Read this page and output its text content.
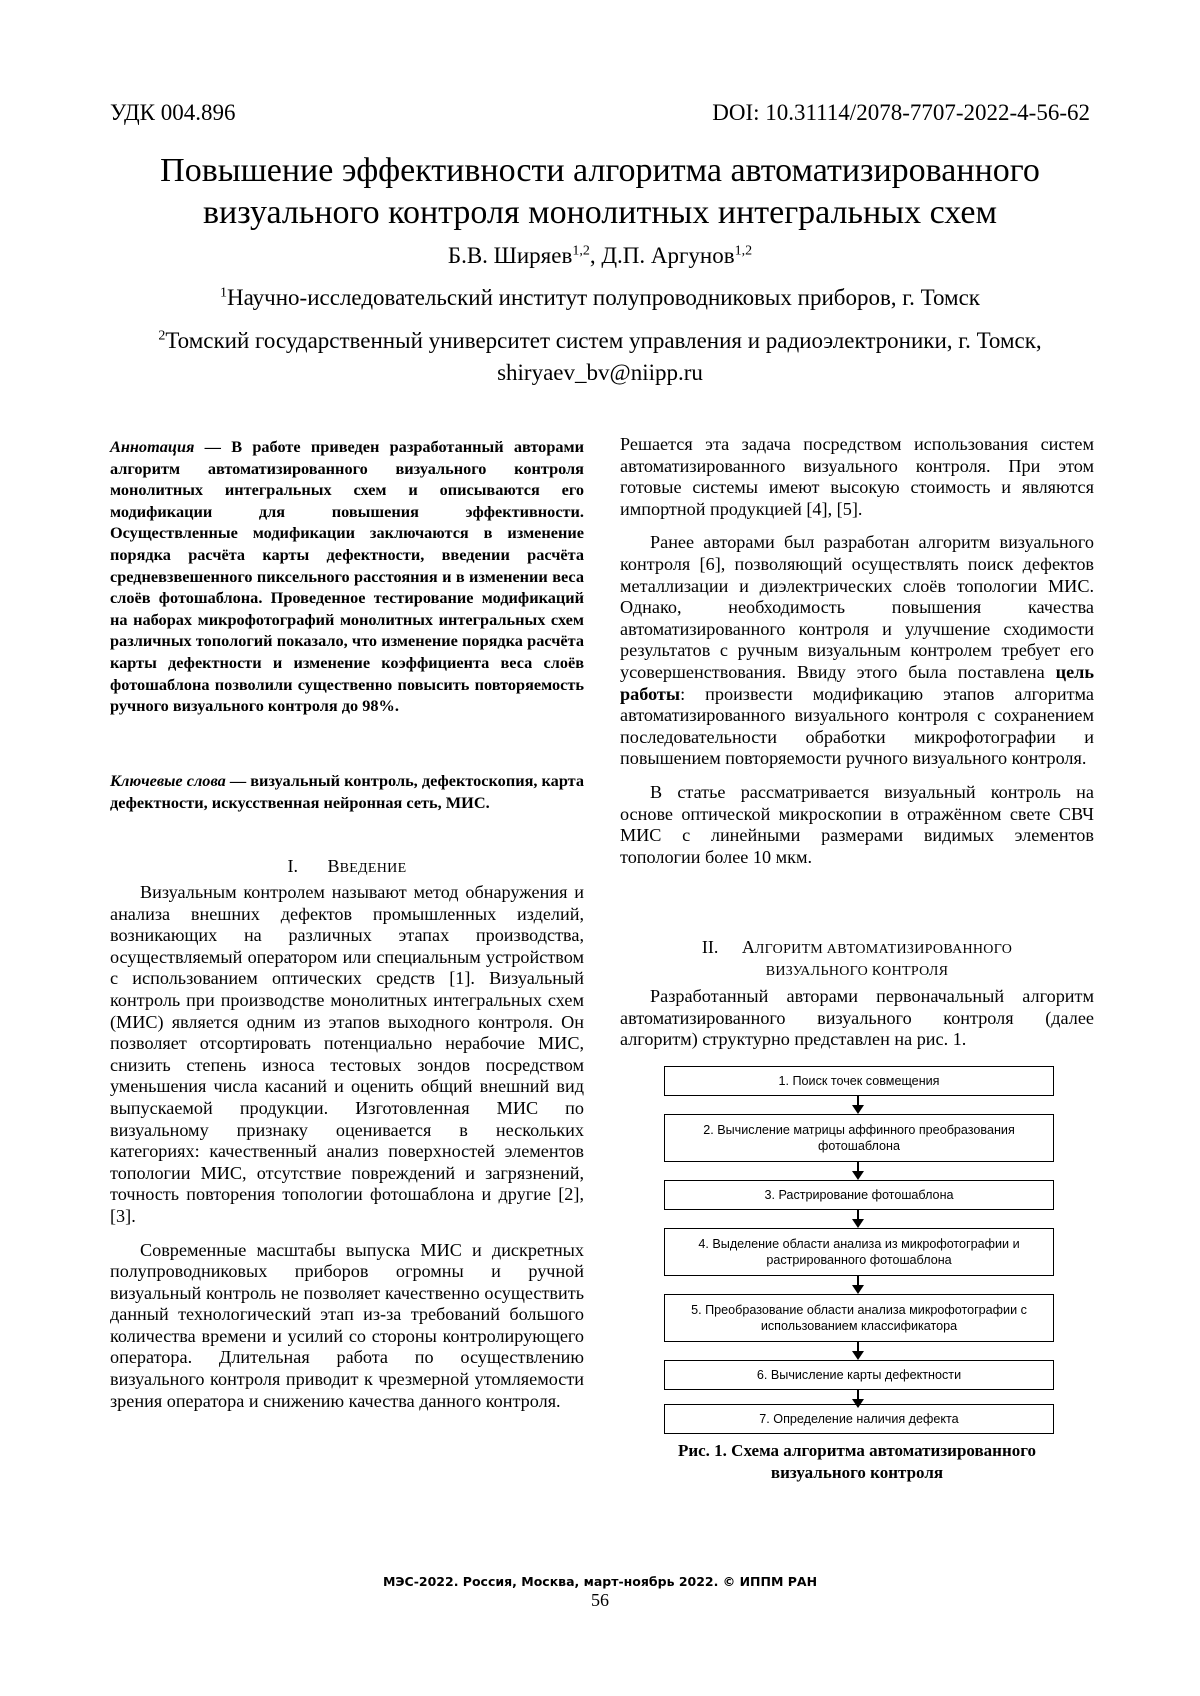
УДК 004.896	DOI: 10.31114/2078-7707-2022-4-56-62
Повышение эффективности алгоритма автоматизированного
визуального контроля монолитных интегральных схем
Б.В. Ширяев$^{1,2}$, Д.П. Аргунов$^{1,2}$
$^1$Научно-исследовательский институт полупроводниковых приборов, г. Томск
$^2$Томский государственный университет систем управления и радиоэлектроники, г. Томск,
shiryaev_bv@niipp.ru

Аннотация — В работе приведен разработанный авторами алгоритм автоматизированного визуального контроля монолитных интегральных схем и описываются его модификации для повышения эффективности. Осуществленные модификации заключаются в изменение порядка расчёта карты дефектности, введении расчёта средневзвешенного пиксельного расстояния и в изменении веса слоёв фотошаблона. Проведенное тестирование модификаций на наборах микрофотографий монолитных интегральных схем различных топологий показало, что изменение порядка расчёта карты дефектности и изменение коэффициента веса слоёв фотошаблона позволили существенно повысить повторяемость ручного визуального контроля до 98%.

Ключевые слова — визуальный контроль, дефектоскопия, карта дефектности, искусственная нейронная сеть, МИС.

I. ВВЕДЕНИЕ

Визуальным контролем называют метод обнаружения и анализа внешних дефектов промышленных изделий, возникающих на различных этапах производства, осуществляемый оператором или специальным устройством с использованием оптических средств [1]. Визуальный контроль при производстве монолитных интегральных схем (МИС) является одним из этапов выходного контроля. Он позволяет отсортировать потенциально нерабочие МИС, снизить степень износа тестовых зондов посредством уменьшения числа касаний и оценить общий внешний вид выпускаемой продукции. Изготовленная МИС по визуальному признаку оценивается в нескольких категориях: качественный анализ поверхностей элементов топологии МИС, отсутствие повреждений и загрязнений, точность повторения топологии фотошаблона и другие [2], [3].

Современные масштабы выпуска МИС и дискретных полупроводниковых приборов огромны и ручной визуальный контроль не позволяет качественно осуществить данный технологический этап из-за требований большого количества времени и усилий со стороны контролирующего оператора. Длительная работа по осуществлению визуального контроля приводит к чрезмерной утомляемости зрения оператора и снижению качества данного контроля.

Решается эта задача посредством использования систем автоматизированного визуального контроля. При этом готовые системы имеют высокую стоимость и являются импортной продукцией [4], [5].

Ранее авторами был разработан алгоритм визуального контроля [6], позволяющий осуществлять поиск дефектов металлизации и диэлектрических слоёв топологии МИС. Однако, необходимость повышения качества автоматизированного контроля и улучшение сходимости результатов с ручным визуальным контролем требует его усовершенствования. Ввиду этого была поставлена цель работы: произвести модификацию этапов алгоритма автоматизированного визуального контроля с сохранением последовательности обработки микрофотографии и повышением повторяемости ручного визуального контроля.

В статье рассматривается визуальный контроль на основе оптической микроскопии в отражённом свете СВЧ МИС с линейными размерами видимых элементов топологии более 10 мкм.

II. АЛГОРИТМ АВТОМАТИЗИРОВАННОГО
ВИЗУАЛЬНОГО КОНТРОЛЯ

Разработанный авторами первоначальный алгоритм автоматизированного визуального контроля (далее алгоритм) структурно представлен на рис. 1.

1. Поиск точек совмещения
2. Вычисление матрицы аффинного преобразования фотошаблона
3. Растрирование фотошаблона
4. Выделение области анализа из микрофотографии и растрированного фотошаблона
5. Преобразование области анализа микрофотографии с использованием классификатора
6. Вычисление карты дефектности
7. Определение наличия дефекта
Рис. 1. Схема алгоритма автоматизированного
визуального контроля
МЭС-2022. Россия, Москва, март-ноябрь 2022. © ИППМ РАН
56
